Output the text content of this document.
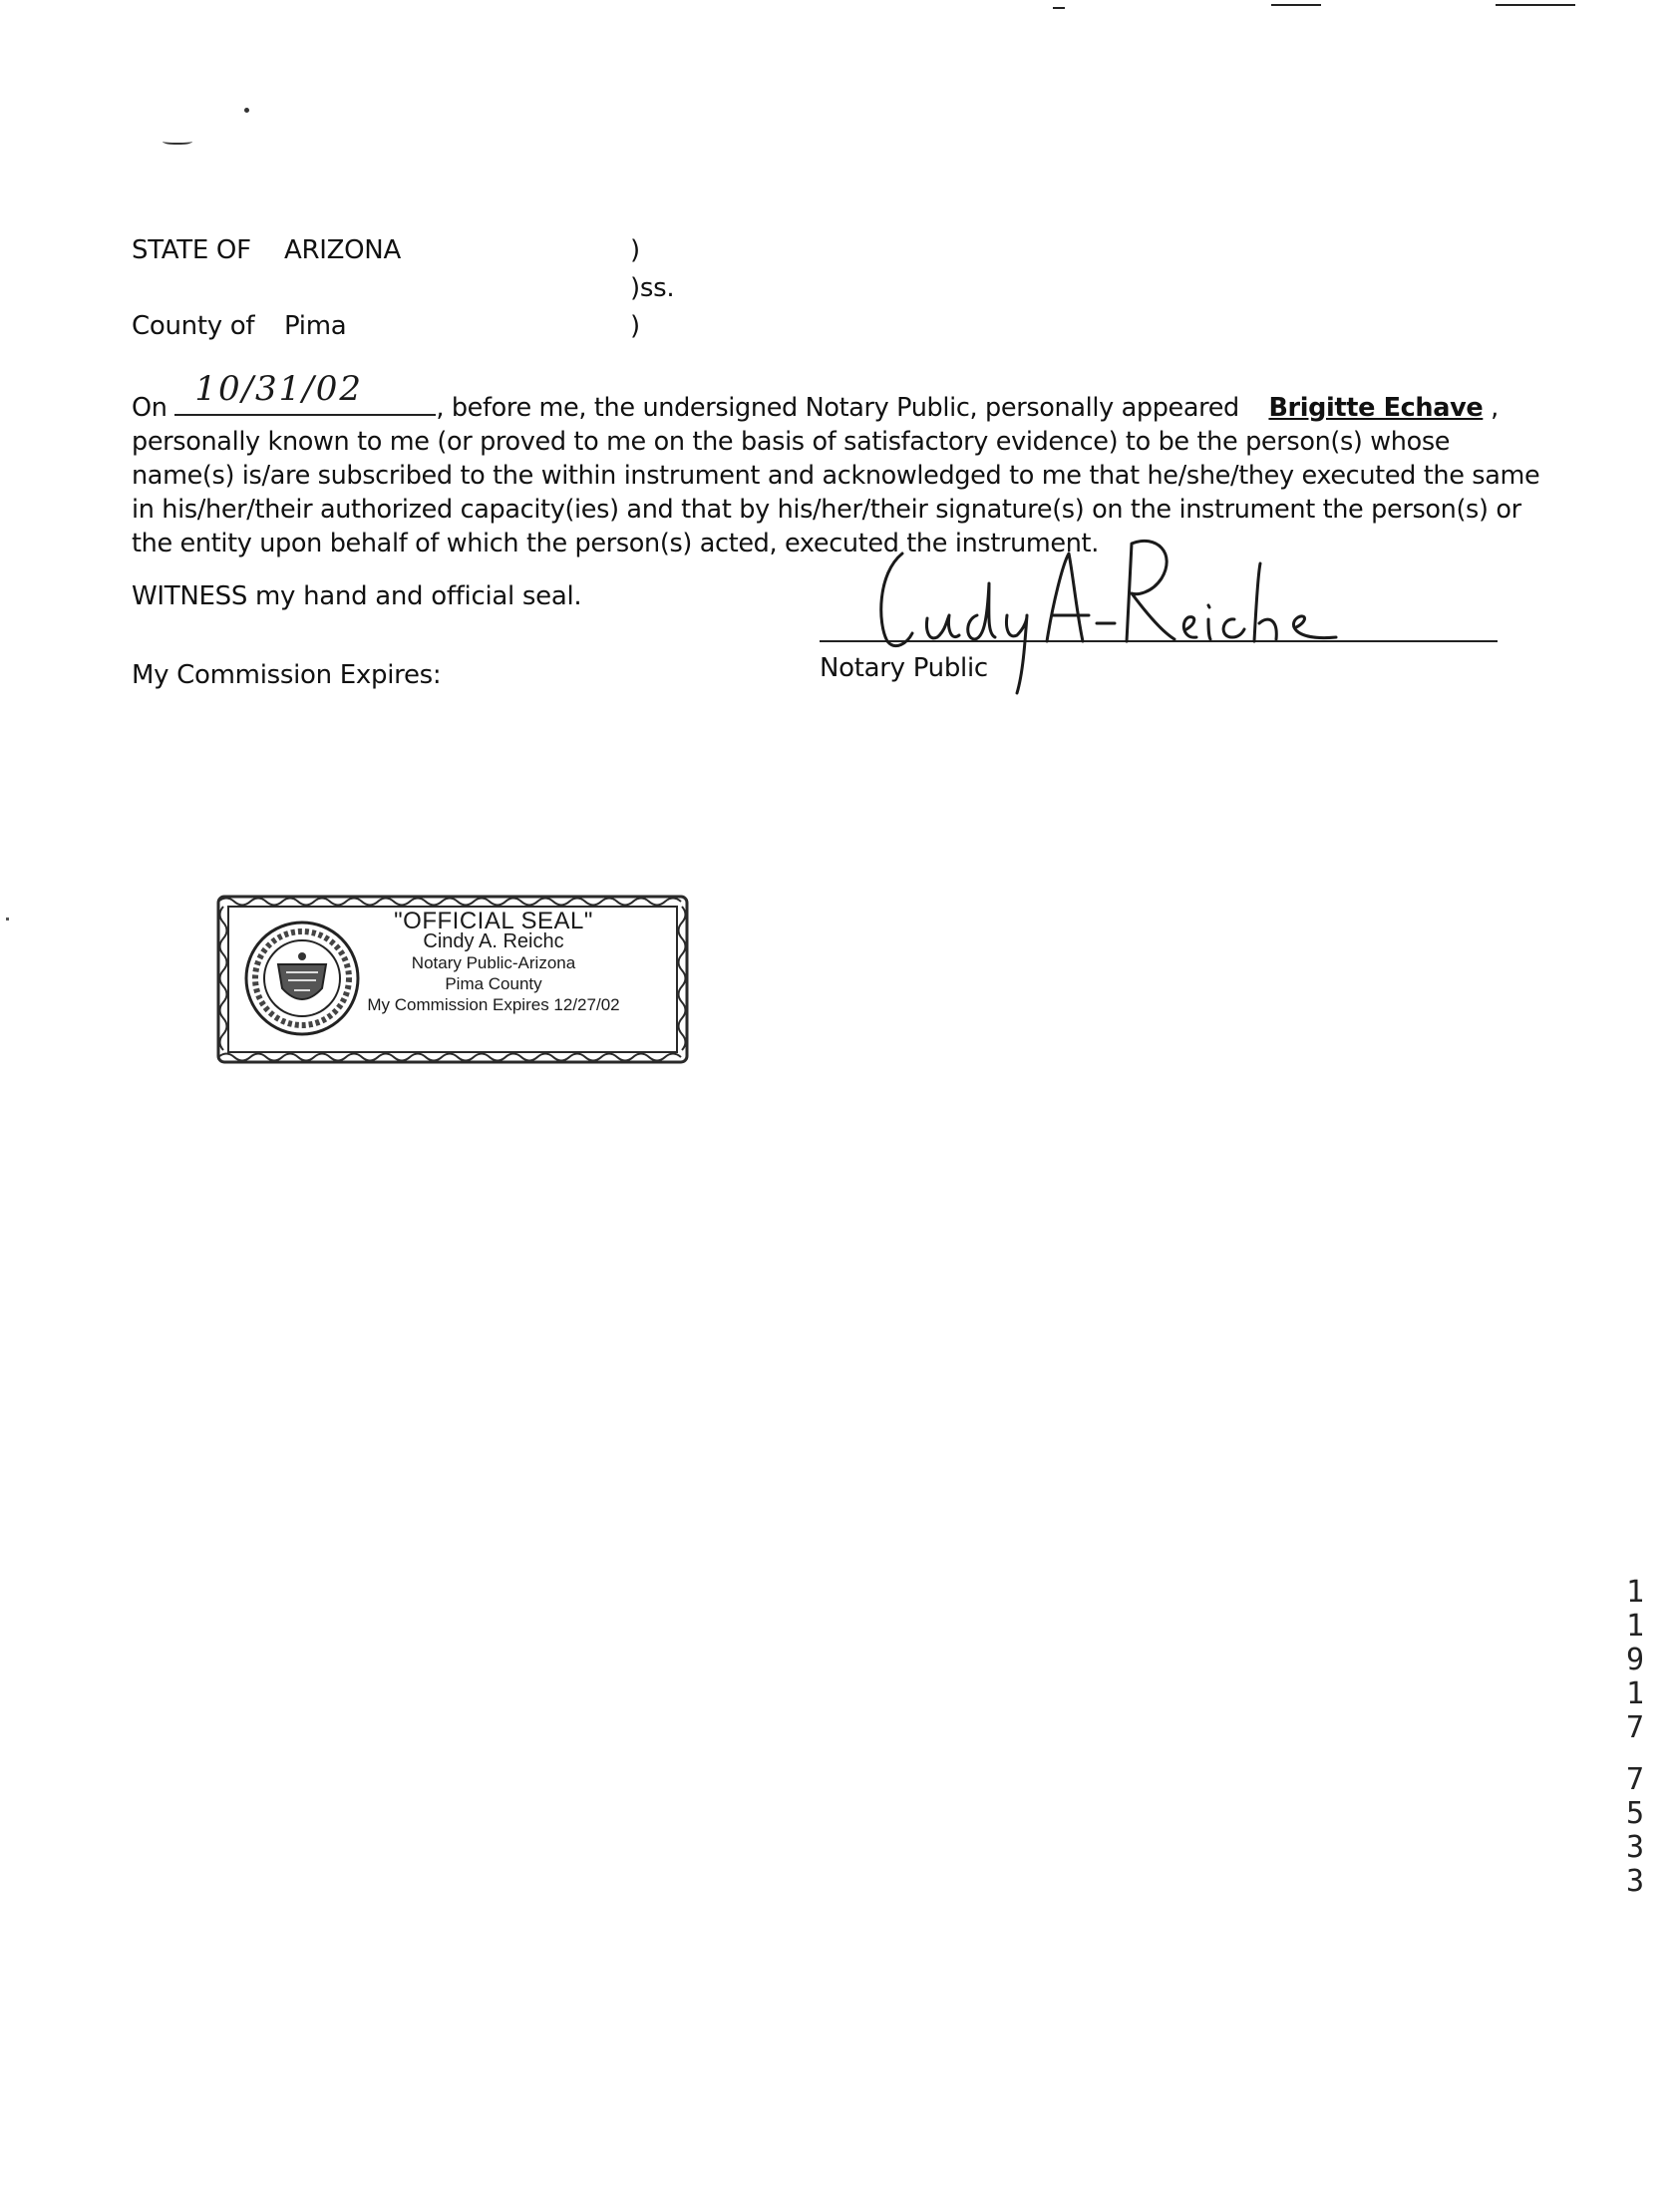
STATE OF ARIZONA	)
)ss.
County of Pima	)
On 10/31/02	, before me, the undersigned Notary Public, personally appeared Brigitte Echave ,
personally known to me (or proved to me on the basis of satisfactory evidence) to be the person(s) whose
name(s) is/are subscribed to the within instrument and acknowledged to me that he/she/they executed the same
in his/her/their authorized capacity(ies) and that by his/her/their signature(s) on the instrument the person(s) or
the entity upon behalf of which the person(s) acted, executed the instrument.
WITNESS my hand and official seal.
My Commission Expires:	Notary Public
"OFFICIAL SEAL"
Cindy A. Reichc
Notary Public-Arizona
Pima County
My Commission Expires 12/27/02
1
1
9
1
7
7
5
3
3
